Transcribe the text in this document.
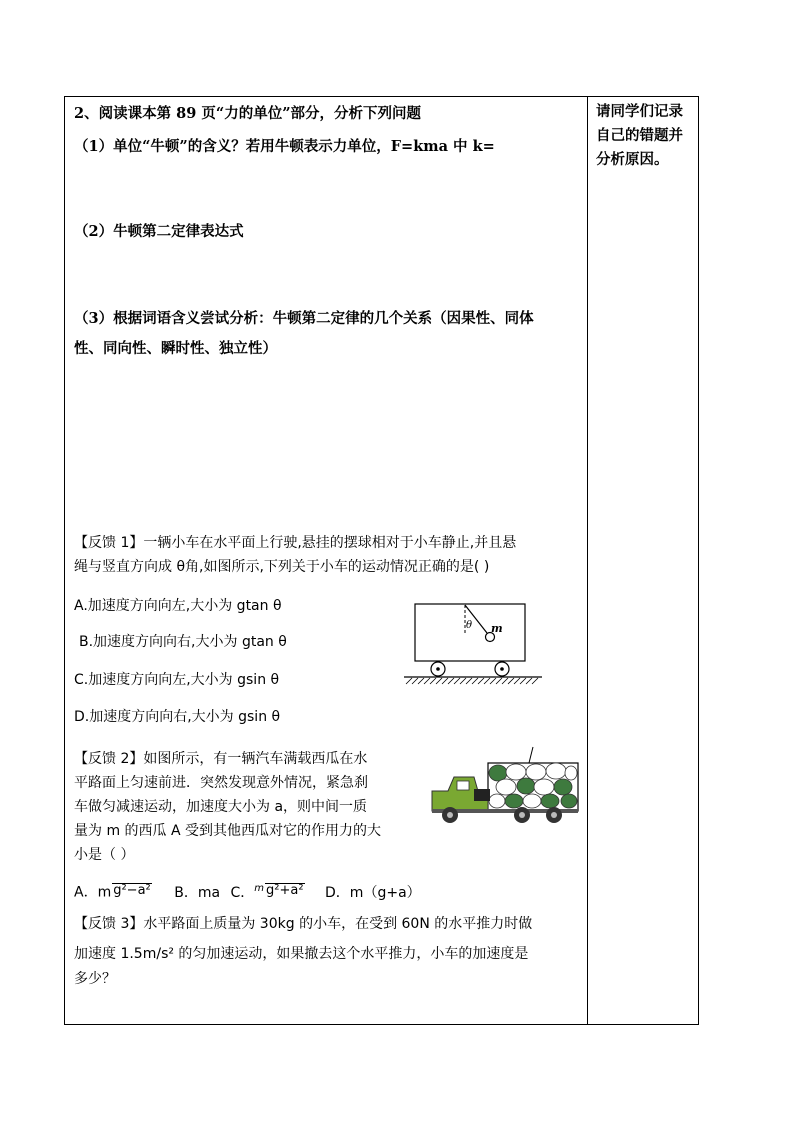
2、阅读课本第 89 页“力的单位”部分，分析下列问题
（1）单位“牛顿”的含义？若用牛顿表示力单位，F=kma 中 k=
（2）牛顿第二定律表达式
（3）根据词语含义尝试分析：牛顿第二定律的几个关系（因果性、同体
性、同向性、瞬时性、独立性）
请同学们记录自己的错题并分析原因。
【反馈 1】一辆小车在水平面上行驶,悬挂的摆球相对于小车静止,并且悬
绳与竖直方向成 θ角,如图所示,下列关于小车的运动情况正确的是( )
A.加速度方向向左,大小为 gtan θ
B.加速度方向向右,大小为 gtan θ
C.加速度方向向左,大小为 gsin θ
D.加速度方向向右,大小为 gsin θ
θ m
【反馈 2】如图所示，有一辆汽车满载西瓜在水
平路面上匀速前进．突然发现意外情况，紧急刹
车做匀减速运动，加速度大小为 a，则中间一质
量为 m 的西瓜 A 受到其他西瓜对它的作用力的大
小是（ ）
A．m g²−a² B．ma C．$^m$ g²+a² D．m（g+a）
【反馈 3】水平路面上质量为 30kg 的小车，在受到 60N 的水平推力时做
加速度 1.5m/s² 的匀加速运动，如果撤去这个水平推力，小车的加速度是
多少？
